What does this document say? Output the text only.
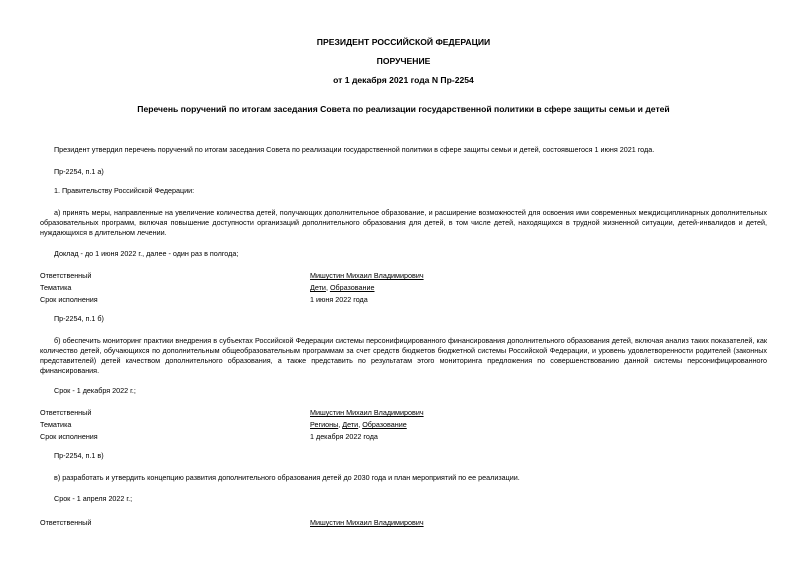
ПРЕЗИДЕНТ РОССИЙСКОЙ ФЕДЕРАЦИИ

ПОРУЧЕНИЕ

от 1 декабря 2021 года N Пр-2254

Перечень поручений по итогам заседания Совета по реализации государственной политики в сфере защиты семьи и детей

Президент утвердил перечень поручений по итогам заседания Совета по реализации государственной политики в сфере защиты семьи и детей, состоявшегося 1 июня 2021 года.

Пр-2254, п.1 а)

1. Правительству Российской Федерации:

а) принять меры, направленные на увеличение количества детей, получающих дополнительное образование, и расширение возможностей для освоения ими современных междисциплинарных дополнительных образовательных программ, включая повышение доступности организаций дополнительного образования для детей, в том числе детей, находящихся в трудной жизненной ситуации, детей-инвалидов и детей, нуждающихся в длительном лечении.

Доклад - до 1 июня 2022 г., далее - один раз в полгода;

Ответственный	Мишустин Михаил Владимирович
Тематика	Дети, Образование
Срок исполнения	1 июня 2022 года

Пр-2254, п.1 б)

б) обеспечить мониторинг практики внедрения в субъектах Российской Федерации системы персонифицированного финансирования дополнительного образования детей, включая анализ таких показателей, как количество детей, обучающихся по дополнительным общеобразовательным программам за счет средств бюджетов бюджетной системы Российской Федерации, и уровень удовлетворенности родителей (законных представителей) детей качеством дополнительного образования, а также представить по результатам этого мониторинга предложения по совершенствованию данной системы персонифицированного финансирования.

Срок - 1 декабря 2022 г.;

Ответственный	Мишустин Михаил Владимирович
Тематика	Регионы, Дети, Образование
Срок исполнения	1 декабря 2022 года

Пр-2254, п.1 в)

в) разработать и утвердить концепцию развития дополнительного образования детей до 2030 года и план мероприятий по ее реализации.

Срок - 1 апреля 2022 г.;

Ответственный	Мишустин Михаил Владимирович
